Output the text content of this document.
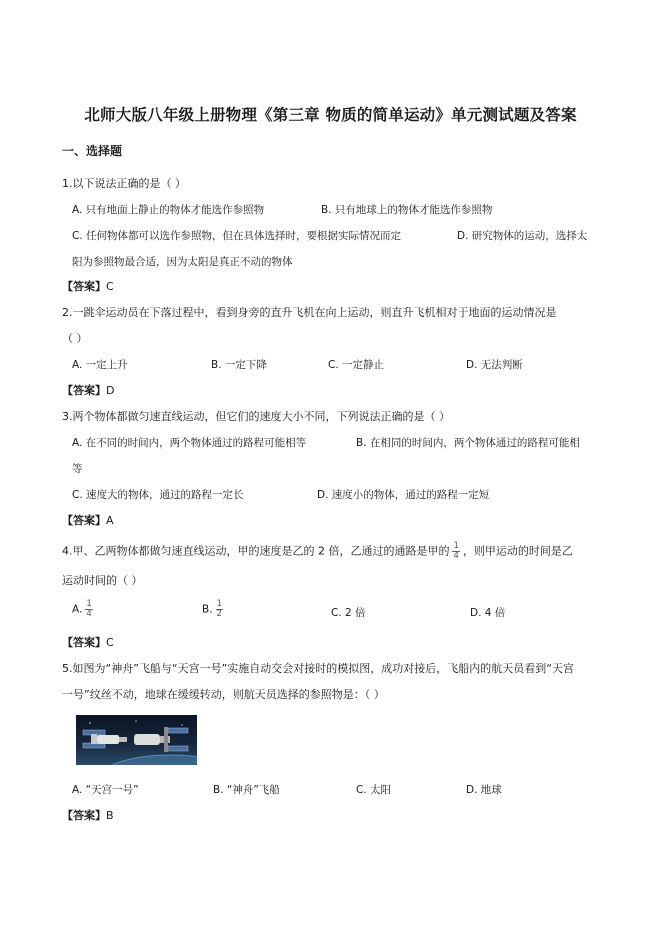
北师大版八年级上册物理《第三章 物质的简单运动》单元测试题及答案
一、选择题
1.以下说法正确的是（ ）
A. 只有地面上静止的物体才能选作参照物	B. 只有地球上的物体才能选作参照物
C. 任何物体都可以选作参照物，但在具体选择时，要根据实际情况而定	D. 研究物体的运动，选择太
阳为参照物最合适，因为太阳是真正不动的物体
【答案】C
2.一跳伞运动员在下落过程中，看到身旁的直升飞机在向上运动，则直升飞机相对于地面的运动情况是
（ ）
A. 一定上升	B. 一定下降	C. 一定静止	D. 无法判断
【答案】D
3.两个物体都做匀速直线运动，但它们的速度大小不同，下列说法正确的是（ ）
A. 在不同的时间内，两个物体通过的路程可能相等	B. 在相同的时间内，两个物体通过的路程可能相
等
C. 速度大的物体，通过的路程一定长	D. 速度小的物体，通过的路程一定短
【答案】A
4.甲、乙两物体都做匀速直线运动，甲的速度是乙的 2 倍，乙通过的通路是甲的 $\frac{1}{4}$ ，则甲运动的时间是乙
运动时间的（ ）
A. $\frac{1}{4}$	B. $\frac{1}{2}$	C. 2 倍	D. 4 倍
【答案】C
5.如图为“神舟”飞船与“天宫一号”实施自动交会对接时的模拟图，成功对接后，飞船内的航天员看到“天宫
一号”纹丝不动，地球在缓缓转动，则航天员选择的参照物是：（ ）
A. “天宫一号”	B. “神舟”飞船	C. 太阳	D. 地球
【答案】B
